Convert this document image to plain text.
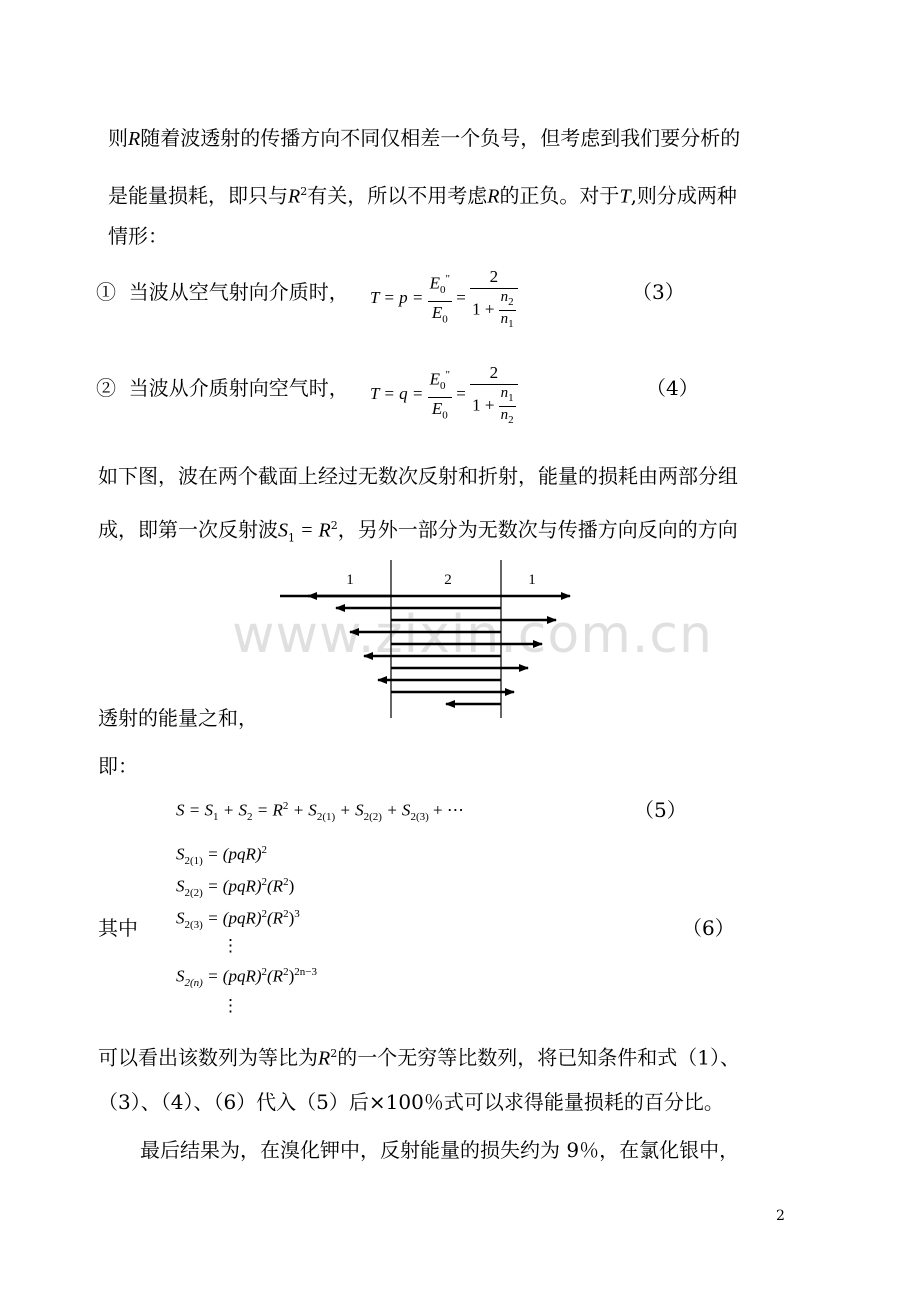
则R随着波透射的传播方向不同仅相差一个负号，但考虑到我们要分析的
是能量损耗，即只与$R^2$有关，所以不用考虑R的正负。对于T,则分成两种
情形：
① 当波从空气射向介质时， $T = p = \frac{E_0^"}{E_0} = \frac{2}{1 + \frac{n_2}{n_1}}$	（3）
② 当波从介质射向空气时， $T = q = \frac{E_0^"}{E_0} = \frac{2}{1 + \frac{n_1}{n_2}}$	（4）
如下图，波在两个截面上经过无数次反射和折射，能量的损耗由两部分组
成，即第一次反射波$S_1 = R^2$，另外一部分为无数次与传播方向反向的方向
1	2	1
www.zixin.com.cn
透射的能量之和，
即：
$S = S_1 + S_2 = R^2 + S_{2(1)} + S_{2(2)} + S_{2(3)}$ + ⋯	（5）
其中
$S_{2(1)} = (pqR)^2$
$S_{2(2)} = (pqR)^2(R^2)$
$S_{2(3)} = (pqR)^2(R^2)^3$
⋮
$S_{2(n)} = (pqR)^2(R^2)^{2n-3}$
⋮
（6）
可以看出该数列为等比为$R^2$的一个无穷等比数列，将已知条件和式（1）、
（3）、（4）、（6）代入（5）后×100％式可以求得能量损耗的百分比。
最后结果为，在溴化钾中，反射能量的损失约为 9％，在氯化银中，
2
